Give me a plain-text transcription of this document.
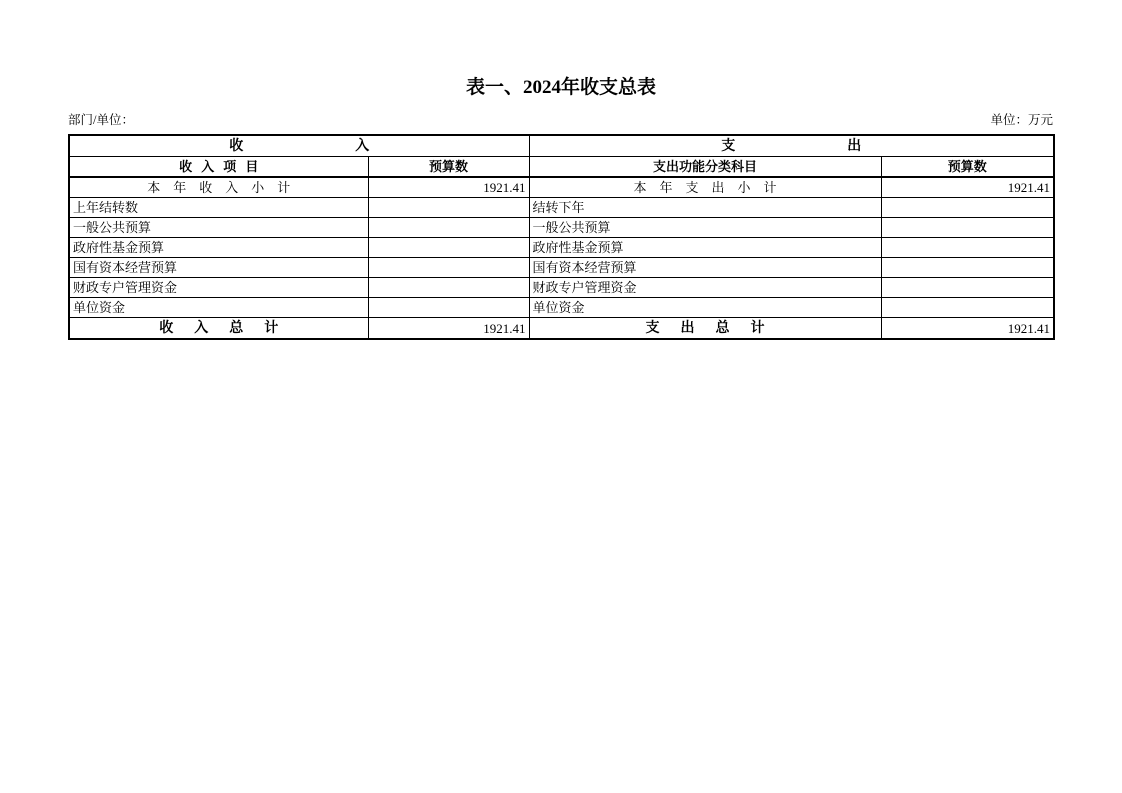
表一、2024年收支总表
部门/单位：	单位：万元
收入		支出	
收入项目	预算数	支出功能分类科目	预算数
本年收入小计	1921.41	本年支出小计	1921.41
上年结转数		结转下年	
一般公共预算		一般公共预算	
政府性基金预算		政府性基金预算	
国有资本经营预算		国有资本经营预算	
财政专户管理资金		财政专户管理资金	
单位资金		单位资金	
收入总计	1921.41	支出总计	1921.41
